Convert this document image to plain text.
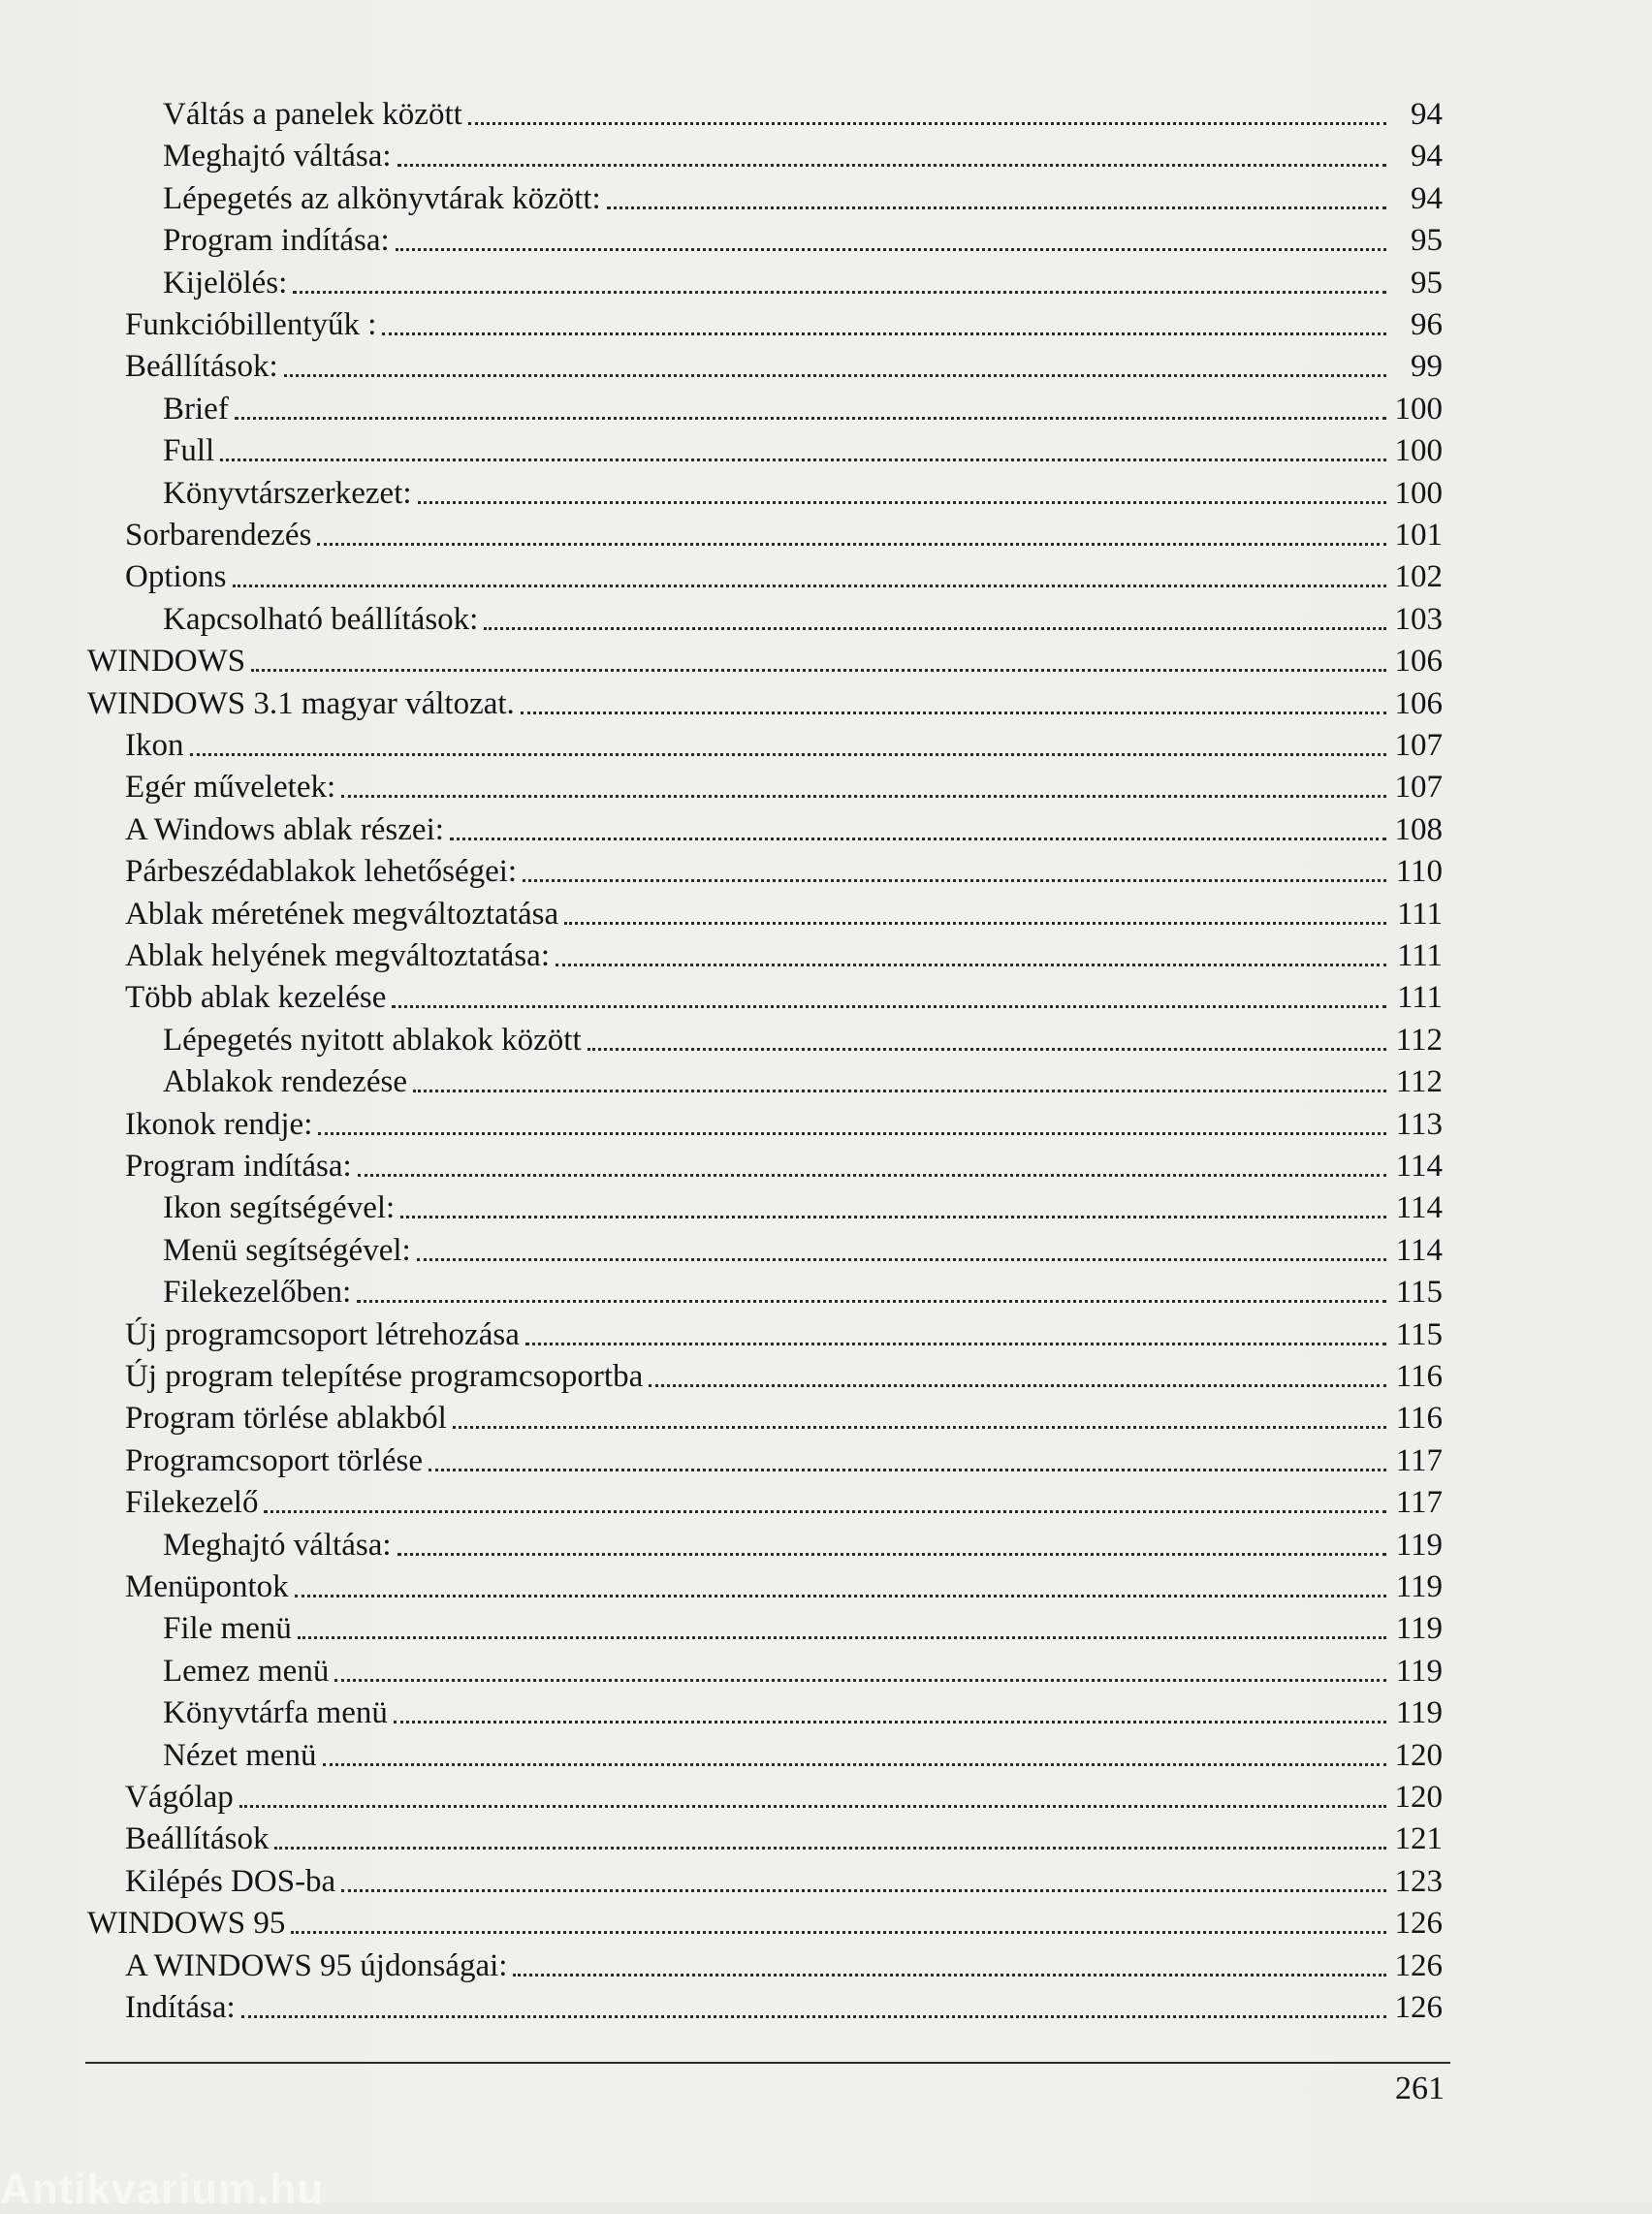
Váltás a panelek között	94
Meghajtó váltása:	94
Lépegetés az alkönyvtárak között:	94
Program indítása:	95
Kijelölés:	95
Funkcióbillentyűk :	96
Beállítások:	99
Brief	100
Full	100
Könyvtárszerkezet:	100
Sorbarendezés	101
Options	102
Kapcsolható beállítások:	103
WINDOWS	106
WINDOWS 3.1 magyar változat.	106
Ikon	107
Egér műveletek:	107
A Windows ablak részei:	108
Párbeszédablakok lehetőségei:	110
Ablak méretének megváltoztatása	111
Ablak helyének megváltoztatása:	111
Több ablak kezelése	111
Lépegetés nyitott ablakok között	112
Ablakok rendezése	112
Ikonok rendje:	113
Program indítása:	114
Ikon segítségével:	114
Menü segítségével:	114
Filekezelőben:	115
Új programcsoport létrehozása	115
Új program telepítése programcsoportba	116
Program törlése ablakból	116
Programcsoport törlése	117
Filekezelő	117
Meghajtó váltása:	119
Menüpontok	119
File menü	119
Lemez menü	119
Könyvtárfa menü	119
Nézet menü	120
Vágólap	120
Beállítások	121
Kilépés DOS-ba	123
WINDOWS 95	126
A WINDOWS 95 újdonságai:	126
Indítása:	126
261
Antikvarium.hu
